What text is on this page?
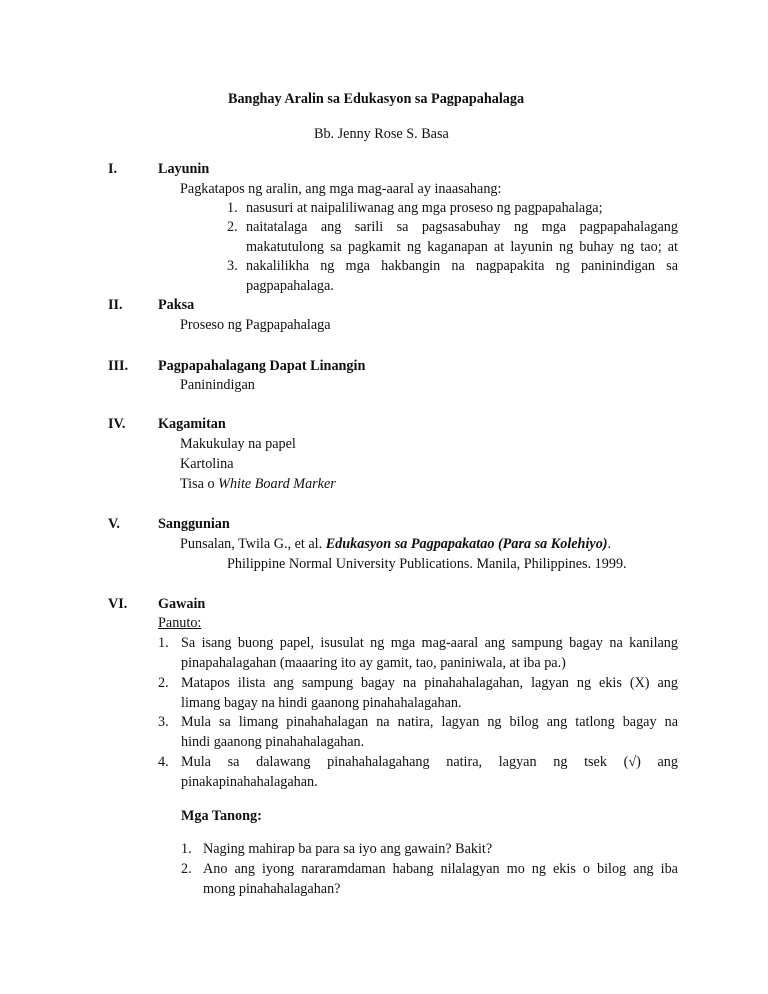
Banghay Aralin sa Edukasyon sa Pagpapahalaga
Bb. Jenny Rose S. Basa
I.	Layunin
Pagkatapos ng aralin, ang mga mag-aaral ay inaasahang:
1. nasusuri at naipaliliwanag ang mga proseso ng pagpapahalaga;
2. naitatalaga ang sarili sa pagsasabuhay ng mga pagpapahalagang
makatutulong sa pagkamit ng kaganapan at layunin ng buhay ng tao; at
3. nakalilikha ng mga hakbangin na nagpapakita ng paninindigan sa
pagpapahalaga.
II. Paksa
Proseso ng Pagpapahalaga
III. Pagpapahalagang Dapat Linangin
Paninindigan
IV. Kagamitan
Makukulay na papel
Kartolina
Tisa o White Board Marker
V.	Sanggunian
Punsalan, Twila G., et al. Edukasyon sa Pagpapakatao (Para sa Kolehiyo).
Philippine Normal University Publications. Manila, Philippines. 1999.
VI. Gawain
Panuto:
1. Sa isang buong papel, isusulat ng mga mag-aaral ang sampung bagay na kanilang
pinapahalagahan (maaaring ito ay gamit, tao, paniniwala, at iba pa.)
2. Matapos ilista ang sampung bagay na pinahahalagahan, lagyan ng ekis (X) ang
limang bagay na hindi gaanong pinahahalagahan.
3. Mula sa limang pinahahalagan na natira, lagyan ng bilog ang tatlong bagay na
hindi gaanong pinahahalagahan.
4. Mula sa dalawang pinahahalagahang natira, lagyan ng tsek (√) ang
pinakapinahahalagahan.
Mga Tanong:
1. Naging mahirap ba para sa iyo ang gawain? Bakit?
2. Ano ang iyong nararamdaman habang nilalagyan mo ng ekis o bilog ang iba
mong pinahahalagahan?
